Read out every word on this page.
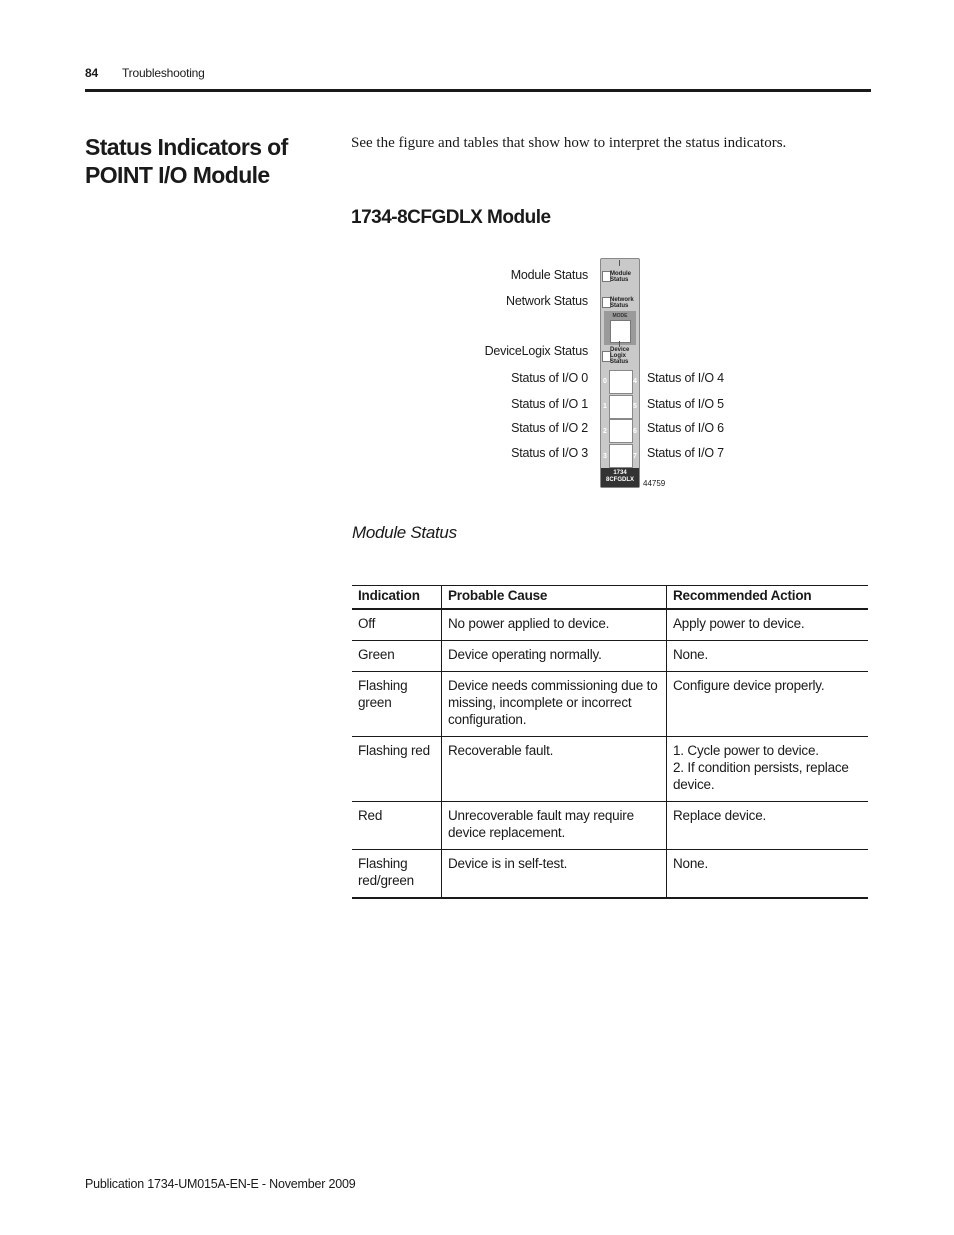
84 Troubleshooting
Status Indicators of POINT I/O Module

See the figure and tables that show how to interpret the status indicators.

1734-8CFGDLX Module
Module Status
Network Status
DeviceLogix Status
Status of I/O 0
Status of I/O 1
Status of I/O 2
Status of I/O 3
Status of I/O 4
Status of I/O 5
Status of I/O 6
Status of I/O 7
Module
Status
Network
Status
MODE
Device
Logix
Status
0
1
2
3
4
5
6
7
1734
8CFGDLX	44759

Module Status

Indication	Probable Cause	Recommended Action

Off	No power applied to device.	Apply power to device.

Green	Device operating normally.	None.

Flashing
green	Device needs commissioning due to
missing, incomplete or incorrect
configuration.	Configure device properly.

Flashing red	Recoverable fault.	1. Cycle power to device.
2. If condition persists, replace
device.

Red	Unrecoverable fault may require
device replacement.	Replace device.

Flashing
red/green	Device is in self-test.	None.
Publication 1734-UM015A-EN-E - November 2009
